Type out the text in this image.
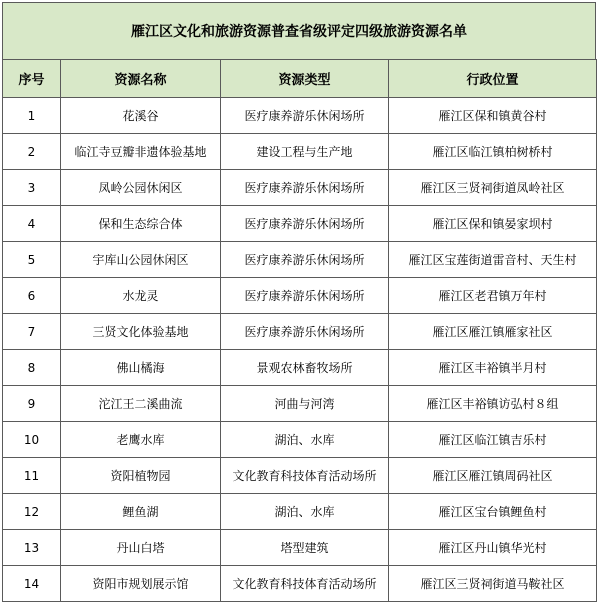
雁江区文化和旅游资源普查省级评定四级旅游资源名单
序号	资源名称	资源类型	行政位置
1	花溪谷	医疗康养游乐休闲场所	雁江区保和镇黄谷村
2	临江寺豆瓣非遗体验基地	建设工程与生产地	雁江区临江镇柏树桥村
3	凤岭公园休闲区	医疗康养游乐休闲场所	雁江区三贤祠街道凤岭社区
4	保和生态综合体	医疗康养游乐休闲场所	雁江区保和镇晏家坝村
5	宇库山公园休闲区	医疗康养游乐休闲场所	雁江区宝莲街道雷音村、天生村
6	水龙灵	医疗康养游乐休闲场所	雁江区老君镇万年村
7	三贤文化体验基地	医疗康养游乐休闲场所	雁江区雁江镇雁家社区
8	佛山橘海	景观农林畜牧场所	雁江区丰裕镇半月村
9	沱江王二溪曲流	河曲与河湾	雁江区丰裕镇访弘村８组
10	老鹰水库	湖泊、水库	雁江区临江镇吉乐村
11	资阳植物园	文化教育科技体育活动场所	雁江区雁江镇周码社区
12	鲤鱼湖	湖泊、水库	雁江区宝台镇鲤鱼村
13	丹山白塔	塔型建筑	雁江区丹山镇华光村
14	资阳市规划展示馆	文化教育科技体育活动场所	雁江区三贤祠街道马鞍社区
